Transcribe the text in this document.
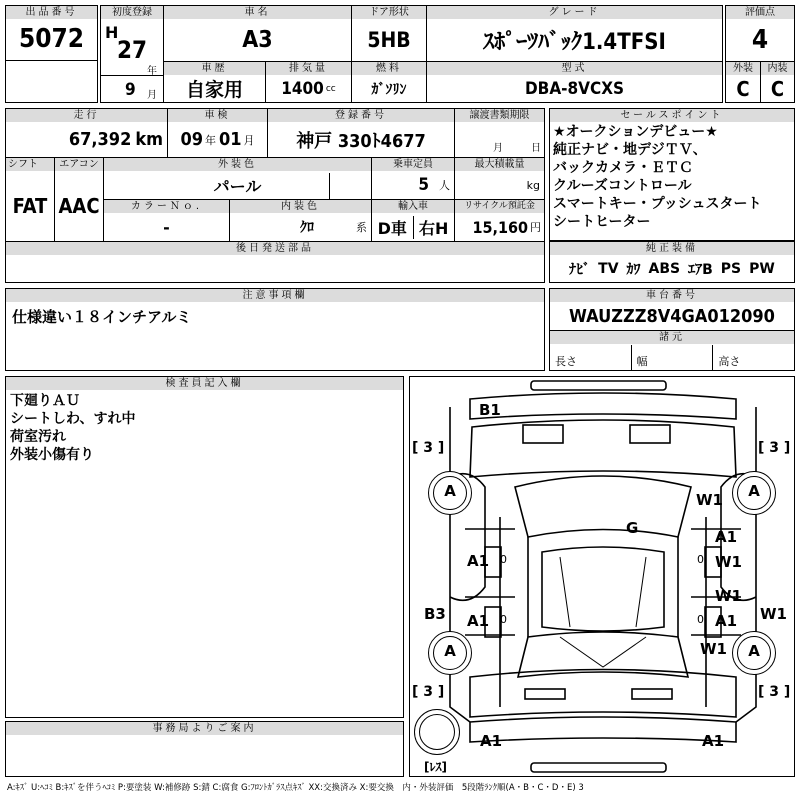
出品番号
5072
初度登録
H
27
年
9 月
車名
A3
ドア形状
5HB
グレード
ｽﾎﾟｰﾂﾊﾞｯｸ1.4TFSI
評価点
4
車歴
自家用
排気量
1400 cc
燃料
ｶﾞｿﾘﾝ
型式
DBA-8VCXS
外装
C
内装
C
走行
67,392 km
車検
09 年 01 月
登録番号
神戸 330ﾄ4677
譲渡書類期限
月	日
セールスポイント
★オークションデビュー★
純正ナビ・地デジＴＶ、
バックカメラ・ＥＴＣ
クルーズコントロール
スマートキー・プッシュスタート
シートヒーター
シフト
FAT
エアコン
AAC
外装色
パール
乗車定員
5 人
最大積載量
kg
カラーＮｏ.
-
内装色
ｸﾛ	系
輸入車
D車 右H
リサイクル預託金
15,160 円
後日発送部品	純正装備
ﾅﾋﾞ TV ｶﾜ ABS ｴｱB PS PW
注意事項欄
仕様違い１８インチアルミ
車台番号
WAUZZZ8V4GA012090
諸元
長さ	幅	高さ
検査員記入欄
下廻りＡＵ
シートしわ、すれ中
荷室汚れ
外装小傷有り
事務局よりご案内
A	A
A	A
[ 3 ]	[ 3 ]
[ 3 ]	[ 3 ]
[ﾚｽ]
B1
W1
G	A1
A1 0	W1
0
W1
B3 A1 0	A1
0	W1
W1
A1	A1
A:ｷｽﾞ U:ﾍｺﾐ B:ｷｽﾞを伴うﾍｺﾐ P:要塗装 W:補修跡 S:錆 C:腐食 G:ﾌﾛﾝﾄｶﾞﾗｽ点ｷｽﾞ XX:交換済み X:要交換　内・外装評価　5段階ﾗﾝｸ順(A・B・C・D・E) 3
